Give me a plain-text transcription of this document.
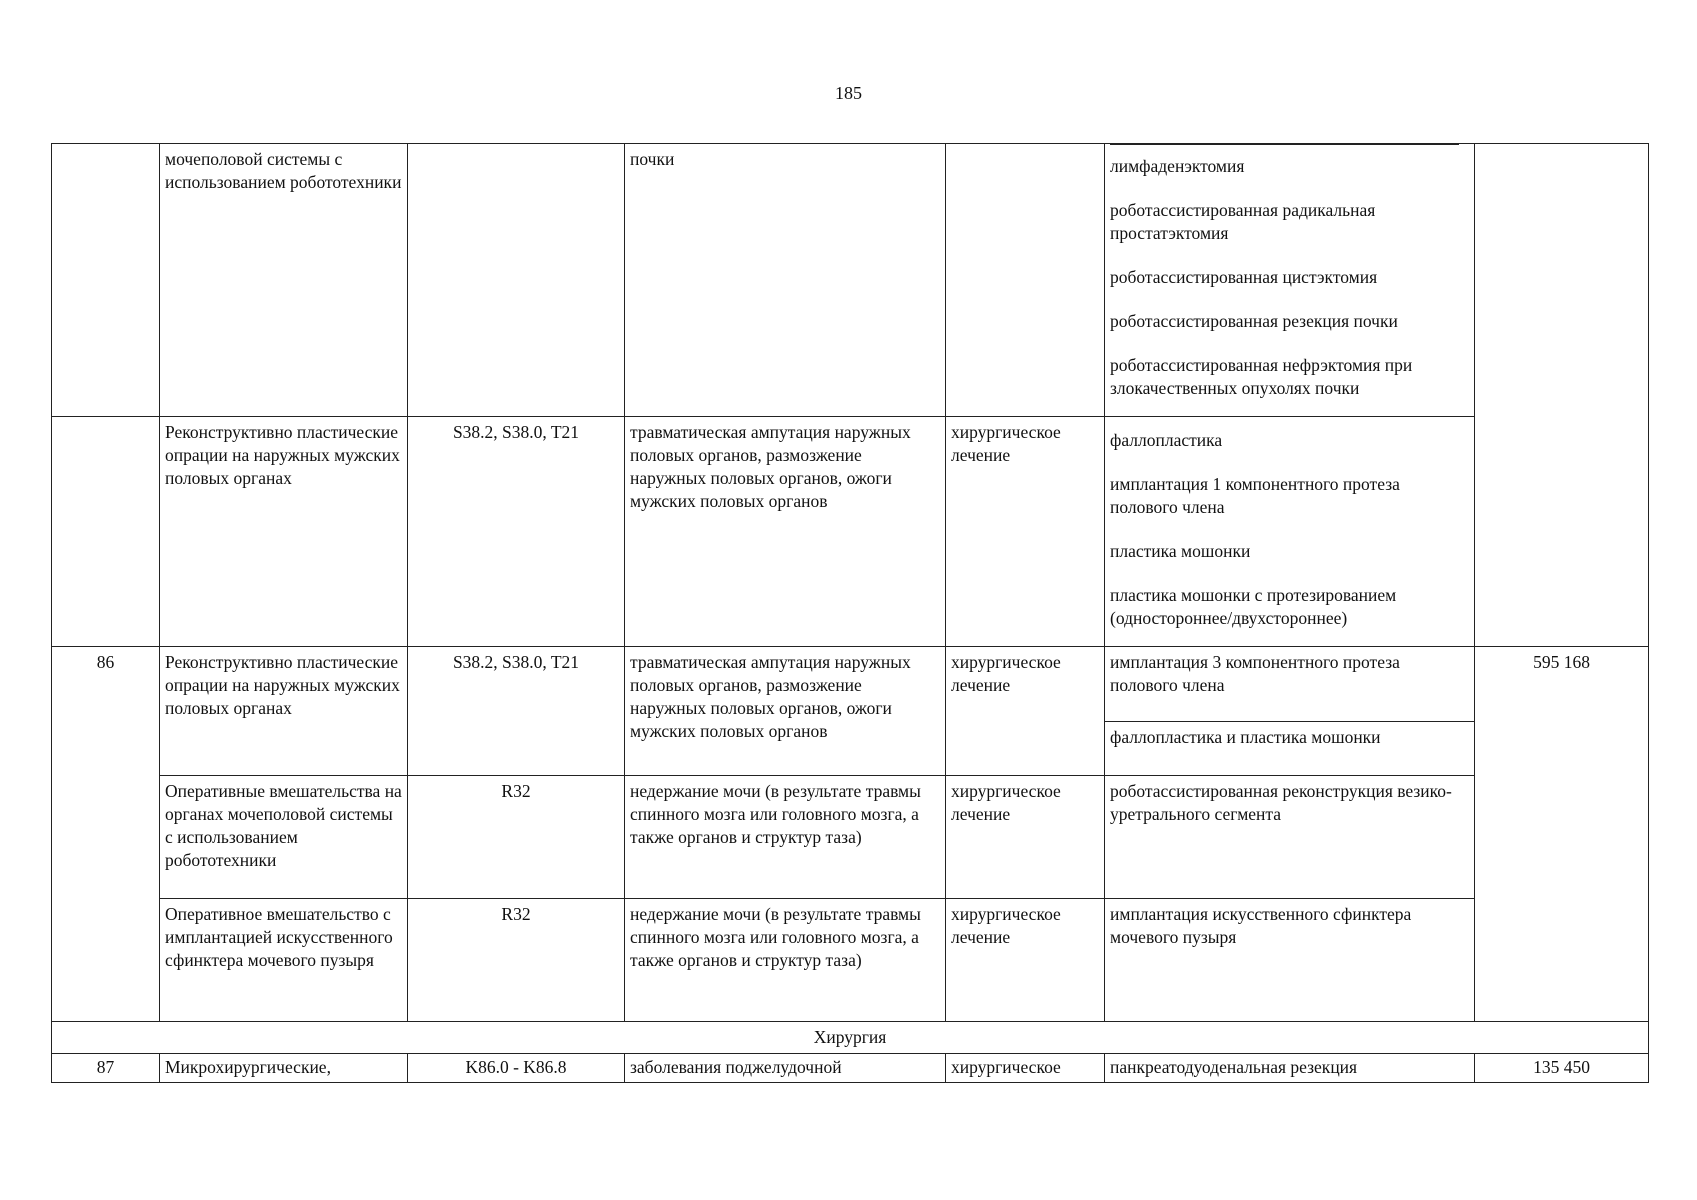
185
	мочеполовой системы с использованием робототехники		почки		лимфаденэктомия

роботассистированная радикальная простатэктомия

роботассистированная цистэктомия

роботассистированная резекция почки

роботассистированная нефрэктомия при злокачественных опухолях почки	

	Реконструктивно пластические опрации на наружных мужских половых органах	S38.2, S38.0, T21	травматическая ампутация наружных половых органов, размозжение наружных половых органов, ожоги мужских половых органов	хирургическое лечение	фаллопластика

имплантация 1 компонентного протеза полового члена

пластика мошонки

пластика мошонки с протезированием (одностороннее/двухстороннее)	

86	Реконструктивно пластические опрации на наружных мужских половых органах	S38.2, S38.0, T21	травматическая ампутация наружных половых органов, размозжение наружных половых органов, ожоги мужских половых органов	хирургическое лечение	имплантация 3 компонентного протеза полового члена	595 168
					фаллопластика и пластика мошонки	
	Оперативные вмешательства на органах мочеполовой системы с использованием робототехники	R32	недержание мочи (в результате травмы спинного мозга или головного мозга, а также органов и структур таза)	хирургическое лечение	роботассистированная реконструкция везико-уретрального сегмента	
	Оперативное вмешательство с имплантацией искусственного сфинктера мочевого пузыря	R32	недержание мочи (в результате травмы спинного мозга или головного мозга, а также органов и структур таза)	хирургическое лечение	имплантация искусственного сфинктера мочевого пузыря	
Хирургия						
87	Микрохирургические,	K86.0 - K86.8	заболевания поджелудочной	хирургическое	панкреатодуоденальная резекция	135 450
